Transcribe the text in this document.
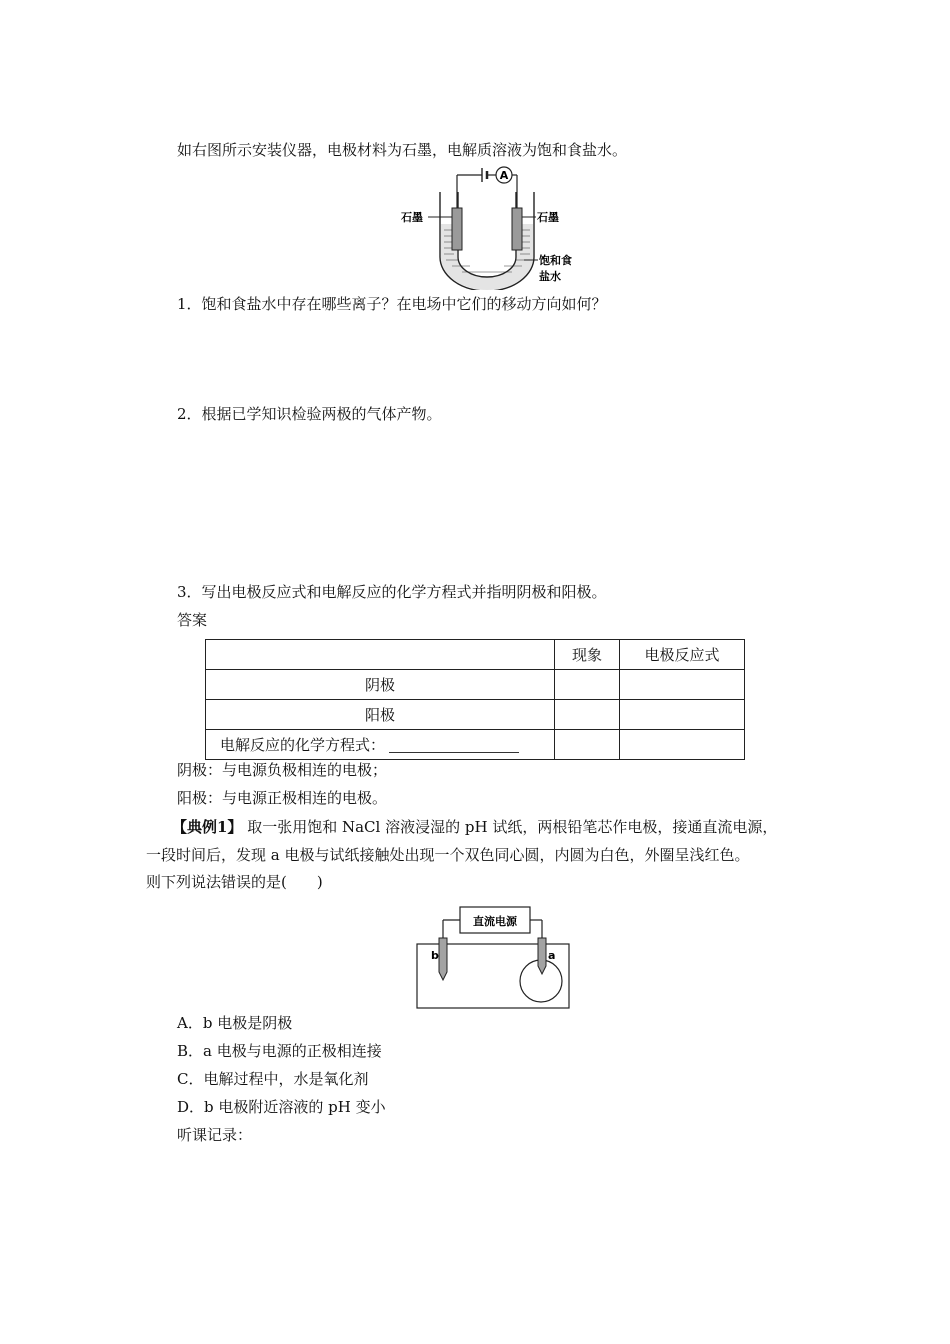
如右图所示安装仪器，电极材料为石墨，电解质溶液为饱和食盐水。
A
石墨	石墨
饱和食
盐水
1．饱和食盐水中存在哪些离子？在电场中它们的移动方向如何？
2．根据已学知识检验两极的气体产物。
3．写出电极反应式和电解反应的化学方程式并指明阴极和阳极。
答案
	现象	电极反应式
阴极		
阳极		
电解反应的化学方程式：		
阴极：与电源负极相连的电极；
阳极：与电源正极相连的电极。
【典例1】 取一张用饱和 NaCl 溶液浸湿的 pH 试纸，两根铅笔芯作电极，接通直流电源，
一段时间后，发现 a 电极与试纸接触处出现一个双色同心圆，内圆为白色，外圈呈浅红色。
则下列说法错误的是(　　)
直流电源
b	a
A．b 电极是阴极
B．a 电极与电源的正极相连接
C．电解过程中，水是氧化剂
D．b 电极附近溶液的 pH 变小
听课记录：
